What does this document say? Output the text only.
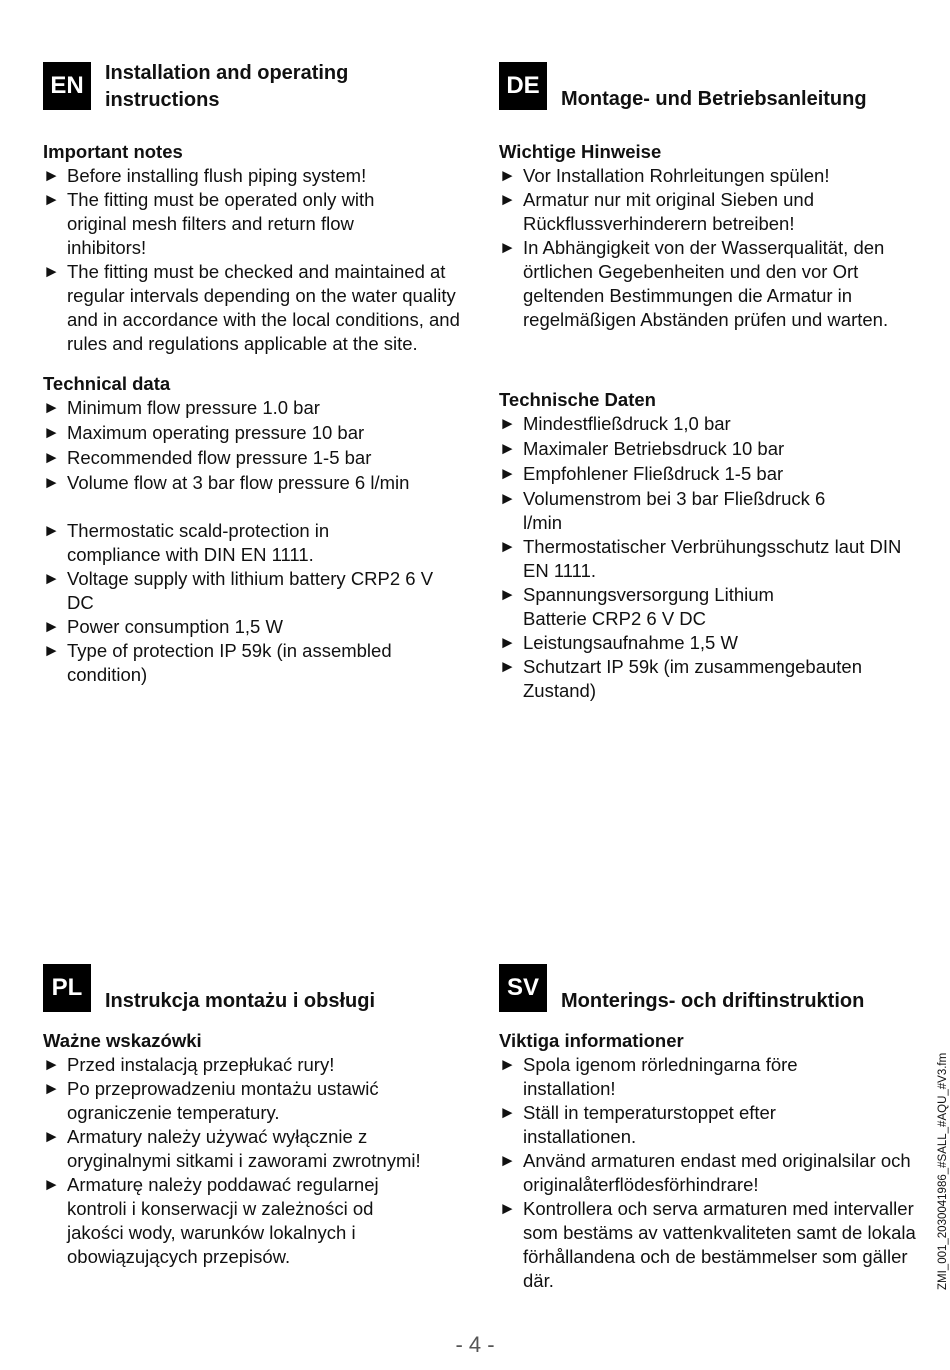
EN	Installation and operating
instructions
Important notes
► Before installing flush piping system!
► The fitting must be operated only with original mesh filters and return flow inhibitors!
► The fitting must be checked and maintained at regular intervals depending on the water quality and in accordance with the local conditions, and rules and regulations applicable at the site.
Technical data
► Minimum flow pressure 1.0 bar
► Maximum operating pressure 10 bar
► Recommended flow pressure 1-5 bar
► Volume flow at 3 bar flow pressure 6 l/min
► Thermostatic scald-protection in compliance with DIN EN 1111.
► Voltage supply with lithium battery CRP2 6 V DC
► Power consumption 1,5 W
► Type of protection IP 59k (in assembled condition)
DE	Montage- und Betriebsanleitung
Wichtige Hinweise
► Vor Installation Rohrleitungen spülen!
► Armatur nur mit original Sieben und Rückflussverhinderern betreiben!
► In Abhängigkeit von der Wasserqualität, den örtlichen Gegebenheiten und den vor Ort geltenden Bestimmungen die Armatur in regelmäßigen Abständen prüfen und warten.
Technische Daten
► Mindestfließdruck 1,0 bar
► Maximaler Betriebsdruck 10 bar
► Empfohlener Fließdruck 1-5 bar
► Volumenstrom bei 3 bar Fließdruck 6 l/min
► Thermostatischer Verbrühungsschutz laut DIN EN 1111.
► Spannungsversorgung Lithium Batterie CRP2 6 V DC
► Leistungsaufnahme 1,5 W
► Schutzart IP 59k (im zusammengebauten Zustand)
PL	Instrukcja montażu i obsługi
Ważne wskazówki
► Przed instalacją przepłukać rury!
► Po przeprowadzeniu montażu ustawić ograniczenie temperatury.
► Armatury należy używać wyłącznie z oryginalnymi sitkami i zaworami zwrotnymi!
► Armaturę należy poddawać regularnej kontroli i konserwacji w zależności od jakości wody, warunków lokalnych i obowiązujących przepisów.
SV	Monterings- och driftinstruktion
Viktiga informationer
► Spola igenom rörledningarna före installation!
► Ställ in temperaturstoppet efter installationen.
► Använd armaturen endast med originalsilar och originalåterflödesförhindrare!
► Kontrollera och serva armaturen med intervaller som bestäms av vattenkvaliteten samt de lokala förhållandena och de bestämmelser som gäller där.
- 4 -
ZMI_001_2030041986_#SALL_#AQU_#V3.fm
